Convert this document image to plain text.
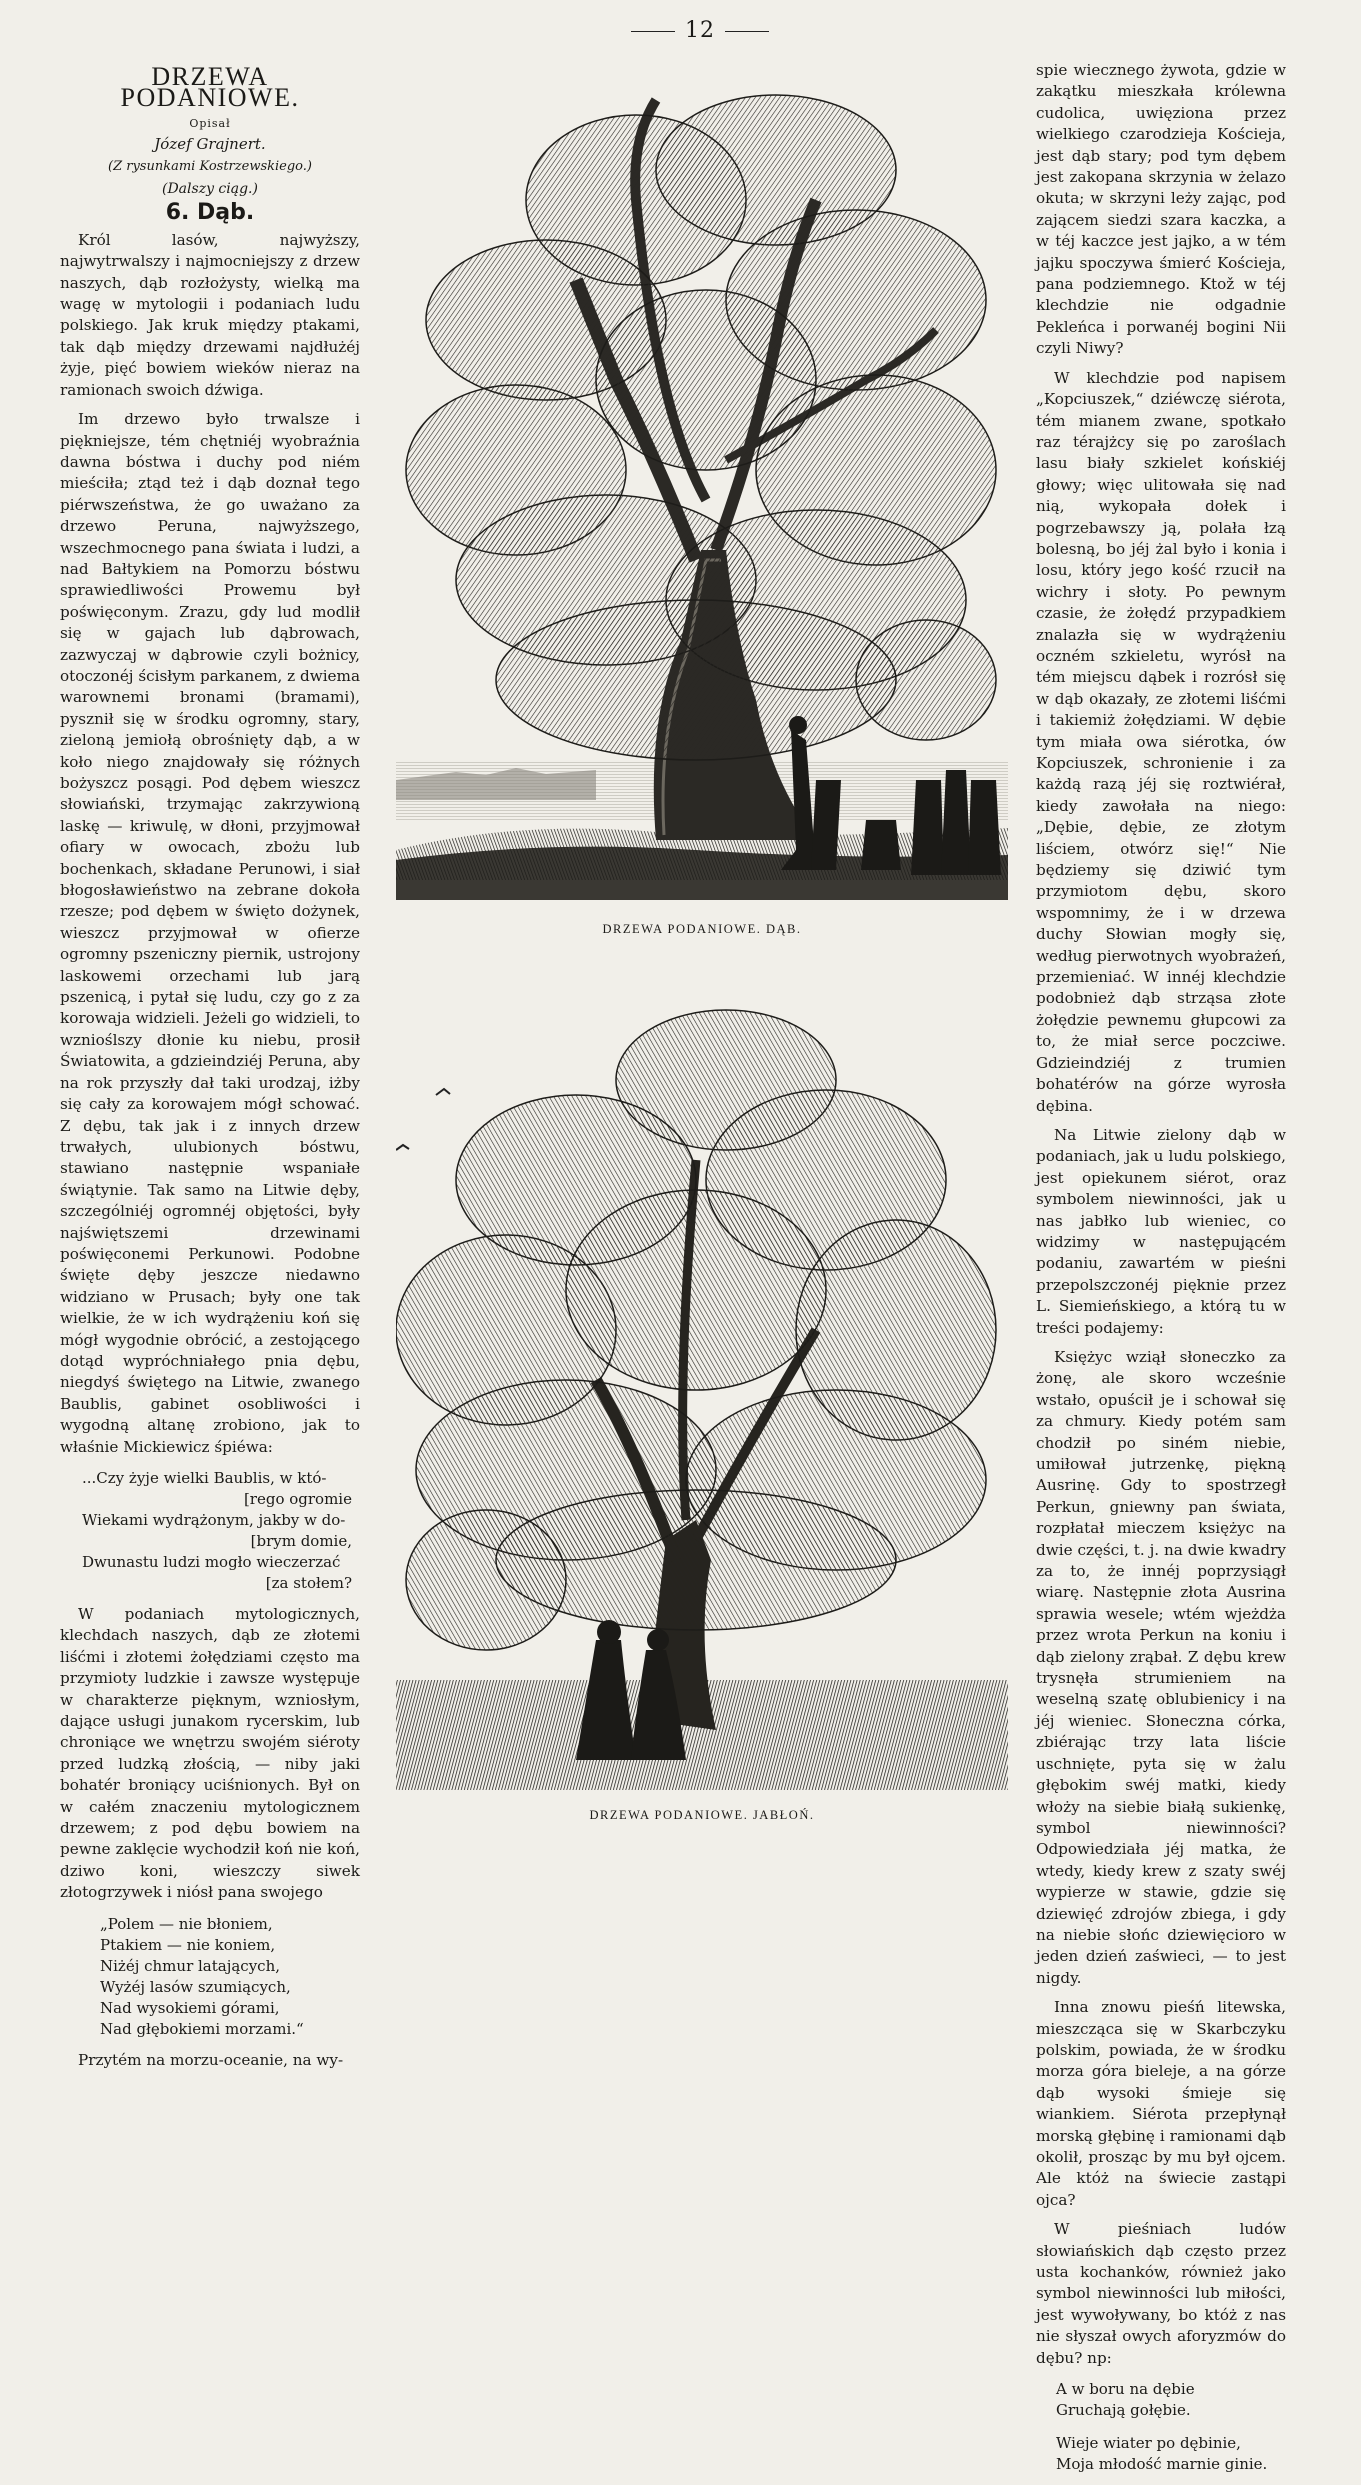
12
DRZEWA PODANIOWE.
Opisał
Józef Grajnert.
(Z rysunkami Kostrzewskiego.)
(Dalszy ciąg.)
6. Dąb.

Król lasów, najwyższy, najwytrwalszy i najmocniejszy z drzew naszych, dąb rozłożysty, wielką ma wagę w mytologii i podaniach ludu polskiego. Jak kruk między ptakami, tak dąb między drzewami najdłużéj żyje, pięć bowiem wieków nieraz na ramionach swoich dźwiga.

Im drzewo było trwalsze i piękniejsze, tém chętniéj wyobraźnia dawna bóstwa i duchy pod niém mieściła; ztąd też i dąb doznał tego piérwszeństwa, że go uważano za drzewo Peruna, najwyższego, wszechmocnego pana świata i ludzi, a nad Bałtykiem na Pomorzu bóstwu sprawiedliwości Prowemu był poświęconym. Zrazu, gdy lud modlił się w gajach lub dąbrowach, zazwyczaj w dąbrowie czyli bożnicy, otoczonéj ścisłym parkanem, z dwiema warownemi bronami (bramami), pysznił się w środku ogromny, stary, zieloną jemiołą obrośnięty dąb, a w koło niego znajdowały się różnych bożyszcz posągi. Pod dębem wieszcz słowiański, trzymając zakrzywioną laskę — kriwulę, w dłoni, przyjmował ofiary w owocach, zbożu lub bochenkach, składane Perunowi, i siał błogosławieństwo na zebrane dokoła rzesze; pod dębem w święto dożynek, wieszcz przyjmował w ofierze ogromny pszeniczny piernik, ustrojony laskowemi orzechami lub jarą pszenicą, i pytał się ludu, czy go z za korowaja widzieli. Jeżeli go widzieli, to wznioślszy dłonie ku niebu, prosił Światowita, a gdzieindziéj Peruna, aby na rok przyszły dał taki urodzaj, iżby się cały za korowajem mógł schować. Z dębu, tak jak i z innych drzew trwałych, ulubionych bóstwu, stawiano następnie wspaniałe świątynie. Tak samo na Litwie dęby, szczególniéj ogromnéj objętości, były najświętszemi drzewinami poświęconemi Perkunowi. Podobne święte dęby jeszcze niedawno widziano w Prusach; były one tak wielkie, że w ich wydrążeniu koń się mógł wygodnie obrócić, a zestojącego dotąd wypróchniałego pnia dębu, niegdyś świętego na Litwie, zwanego Baublis, gabinet osobliwości i wygodną altanę zrobiono, jak to właśnie Mickiewicz śpiéwa:

...Czy żyje wielki Baublis, w któ-
[rego ogromie
Wiekami wydrążonym, jakby w do-
[brym domie,
Dwunastu ludzi mogło wieczerzać
[za stołem?

W podaniach mytologicznych, klechdach naszych, dąb ze złotemi liśćmi i złotemi żołędziami często ma przymioty ludzkie i zawsze występuje w charakterze pięknym, wzniosłym, dające usługi junakom rycerskim, lub chroniące we wnętrzu swojém siéroty przed ludzką złością, — niby jaki bohatér broniący uciśnionych. Był on w całém znaczeniu mytologicznem drzewem; z pod dębu bowiem na pewne zaklęcie wychodził koń nie koń, dziwo koni, wieszczy siwek złotogrzywek i niósł pana swojego

„Polem — nie błoniem,
Ptakiem — nie koniem,
Niżéj chmur latających,
Wyżéj lasów szumiących,
Nad wysokiemi górami,
Nad głębokiemi morzami.“

Przytém na morzu-oceanie, na wy-

DRZEWA PODANIOWE. DĄB.
DRZEWA PODANIOWE. JABŁOŃ.

spie wiecznego żywota, gdzie w zakątku mieszkała królewna cudolica, uwięziona przez wielkiego czarodzieja Kościeja, jest dąb stary; pod tym dębem jest zakopana skrzynia w żelazo okuta; w skrzyni leży zając, pod zającem siedzi szara kaczka, a w téj kaczce jest jajko, a w tém jajku spoczywa śmierć Kościeja, pana podziemnego. Ktož w téj klechdzie nie odgadnie Pekleńca i porwanéj bogini Nii czyli Niwy?

W klechdzie pod napisem „Kopciuszek,“ dziéwczę siérota, tém mianem zwane, spotkało raz térajżcy się po zaroślach lasu biały szkielet końskiéj głowy; więc ulitowała się nad nią, wykopała dołek i pogrzebawszy ją, polała łzą bolesną, bo jéj żal było i konia i losu, który jego kość rzucił na wichry i słoty. Po pewnym czasie, że żołędź przypadkiem znalazła się w wydrążeniu oczném szkieletu, wyrósł na tém miejscu dąbek i rozrósł się w dąb okazały, ze złotemi liśćmi i takiemiż żołędziami. W dębie tym miała owa siérotka, ów Kopciuszek, schronienie i za każdą razą jéj się roztwiérał, kiedy zawołała na niego: „Dębie, dębie, ze złotym liściem, otwórz się!“ Nie będziemy się dziwić tym przymiotom dębu, skoro wspomnimy, że i w drzewa duchy Słowian mogły się, według pierwotnych wyobrażeń, przemieniać. W innéj klechdzie podobnież dąb strząsa złote żołędzie pewnemu głupcowi za to, że miał serce poczciwe. Gdzieindziéj z trumien bohatérów na górze wyrosła dębina.

Na Litwie zielony dąb w podaniach, jak u ludu polskiego, jest opiekunem siérot, oraz symbolem niewinności, jak u nas jabłko lub wieniec, co widzimy w następującém podaniu, zawartém w pieśni przepolszczonéj pięknie przez L. Siemieńskiego, a którą tu w treści podajemy:

Księżyc wziął słoneczko za żonę, ale skoro wcześnie wstało, opuścił je i schował się za chmury. Kiedy potém sam chodził po siném niebie, umiłował jutrzenkę, piękną Ausrinę. Gdy to spostrzegł Perkun, gniewny pan świata, rozpłatał mieczem księżyc na dwie części, t. j. na dwie kwadry za to, że innéj poprzysiągł wiarę. Następnie złota Ausrina sprawia wesele; wtém wjeżdża przez wrota Perkun na koniu i dąb zielony zrąbał. Z dębu krew trysnęła strumieniem na weselną szatę oblubienicy i na jéj wieniec. Słoneczna córka, zbiérając trzy lata liście uschnięte, pyta się w żalu głębokim swéj matki, kiedy włoży na siebie białą sukienkę, symbol niewinności? Odpowiedziała jéj matka, że wtedy, kiedy krew z szaty swéj wypierze w stawie, gdzie się dziewięć zdrojów zbiega, i gdy na niebie słońc dziewięcioro w jeden dzień zaświeci, — to jest nigdy.

Inna znowu pieśń litewska, mieszcząca się w Skarbczyku polskim, powiada, że w środku morza góra bieleje, a na górze dąb wysoki śmieje się wiankiem. Siérota przepłynął morską głębinę i ramionami dąb okolił, prosząc by mu był ojcem. Ale któż na świecie zastąpi ojca?

W pieśniach ludów słowiańskich dąb często przez usta kochanków, również jako symbol niewinności lub miłości, jest wywoływany, bo któż z nas nie słyszał owych aforyzmów do dębu? np:

A w boru na dębie
Gruchają gołębie.
Wieje wiater po dębinie,
Moja młodość marnie ginie.
